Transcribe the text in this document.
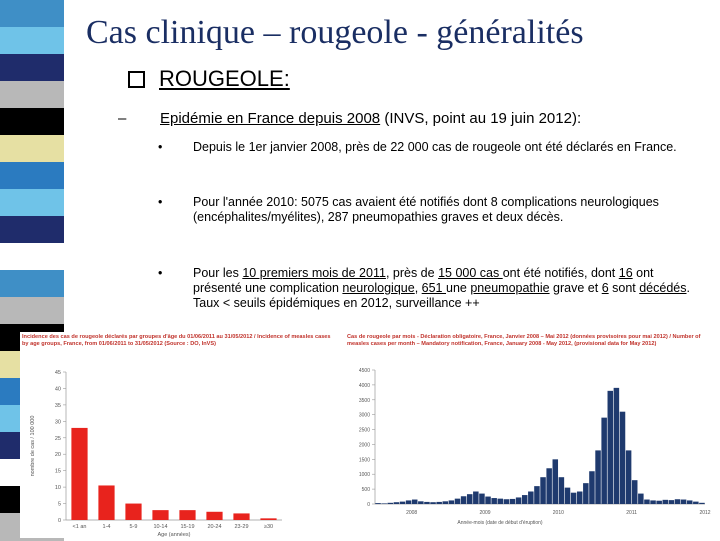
Cas clinique – rougeole - généralités
ROUGEOLE:
– Epidémie en France depuis 2008 (INVS, point au 19 juin 2012):
• Depuis le 1er janvier 2008, près de 22 000 cas de rougeole ont été déclarés en France.
• Pour l'année 2010: 5075 cas avaient été notifiés dont 8 complications neurologiques (encéphalites/myélites), 287 pneumopathies graves et deux décès.
• Pour les 10 premiers mois de 2011, près de 15 000 cas ont été notifiés, dont 16 ont présenté une complication neurologique, 651 une pneumopathie grave et 6 sont décédés. Taux < seuils épidémiques en 2012, surveillance ++
Incidence des cas de rougeole déclarés par groupes d'âge du 01/06/2011 au 31/05/2012 / Incidence of measles cases by age groups, France, from 01/06/2011 to 31/05/2012 (Source : DO, InVS)
0
5
10
15
20
25
30
35
40
45
nombre de cas / 100 000
<1 an	1-4	5-9	10-14 15-19 20-24 23-29	≥30
Age (années)
Cas de rougeole par mois - Déclaration obligatoire, France, Janvier 2008 – Mai 2012 (données provisoires pour mai 2012) / Number of measles cases per month – Mandatory notification, France, January 2008 - May 2012, (provisional data for May 2012)
0
500
1000
1500
2000
2500
3000
3500
4000
4500
2008	2009	2010	2011	2012
Année-mois (date de début d'éruption)
